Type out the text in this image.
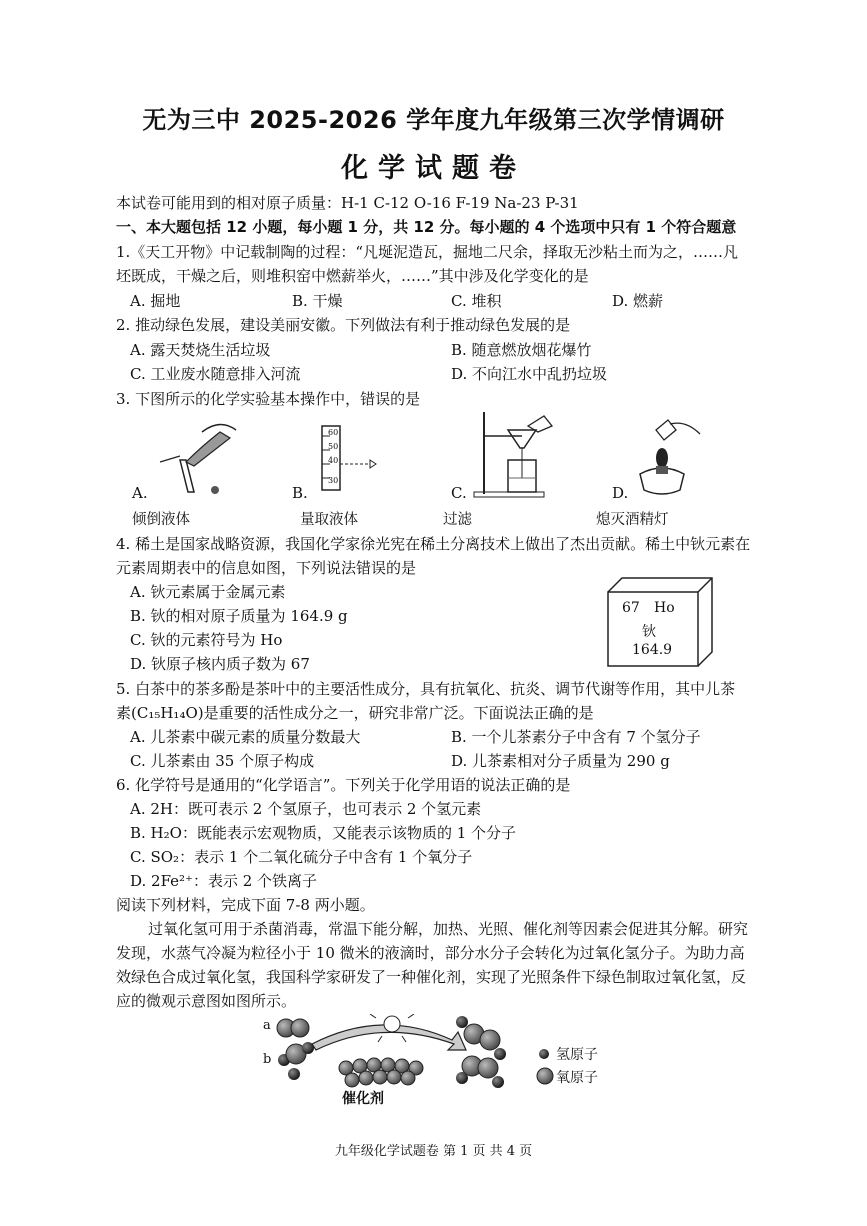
无为三中 2025-2026 学年度九年级第三次学情调研
化学试题卷
本试卷可能用到的相对原子质量：H-1 C-12 O-16 F-19 Na-23 P-31
一、本大题包括 12 小题，每小题 1 分，共 12 分。每小题的 4 个选项中只有 1 个符合题意
1.《天工开物》中记载制陶的过程：“凡埏泥造瓦，掘地二尺余，择取无沙粘土而为之，……凡
坯既成，干燥之后，则堆积窑中燃薪举火，……”其中涉及化学变化的是
A. 掘地	B. 干燥	C. 堆积	D. 燃薪
2. 推动绿色发展，建设美丽安徽。下列做法有利于推动绿色发展的是
A. 露天焚烧生活垃圾	B. 随意燃放烟花爆竹
C. 工业废水随意排入河流	D. 不向江水中乱扔垃圾
3. 下图所示的化学实验基本操作中，错误的是
A.
60
50
40
30
B.	C.	D.
倾倒液体	量取液体	过滤	熄灭酒精灯
4. 稀土是国家战略资源，我国化学家徐光宪在稀土分离技术上做出了杰出贡献。稀土中钬元素在
元素周期表中的信息如图，下列说法错误的是
A. 钬元素属于金属元素
B. 钬的相对原子质量为 164.9 g
C. 钬的元素符号为 Ho
D. 钬原子核内质子数为 67
67 Ho
钬
164.9
5. 白茶中的茶多酚是茶叶中的主要活性成分，具有抗氧化、抗炎、调节代谢等作用，其中儿茶
素(C₁₅H₁₄O)是重要的活性成分之一，研究非常广泛。下面说法正确的是
A. 儿茶素中碳元素的质量分数最大	B. 一个儿茶素分子中含有 7 个氢分子
C. 儿茶素由 35 个原子构成	D. 儿茶素相对分子质量为 290 g
6. 化学符号是通用的“化学语言”。下列关于化学用语的说法正确的是
A. 2H：既可表示 2 个氢原子，也可表示 2 个氢元素
B. H₂O：既能表示宏观物质，又能表示该物质的 1 个分子
C. SO₂：表示 1 个二氧化硫分子中含有 1 个氧分子
D. 2Fe²⁺：表示 2 个铁离子
阅读下列材料，完成下面 7-8 两小题。
过氧化氢可用于杀菌消毒，常温下能分解，加热、光照、催化剂等因素会促进其分解。研究
发现，水蒸气冷凝为粒径小于 10 微米的液滴时，部分水分子会转化为过氧化氢分子。为助力高
效绿色合成过氧化氢，我国科学家研发了一种催化剂，实现了光照条件下绿色制取过氧化氢，反
应的微观示意图如图所示。
a
b
催化剂
氢原子
氧原子
九年级化学试题卷 第 1 页 共 4 页
